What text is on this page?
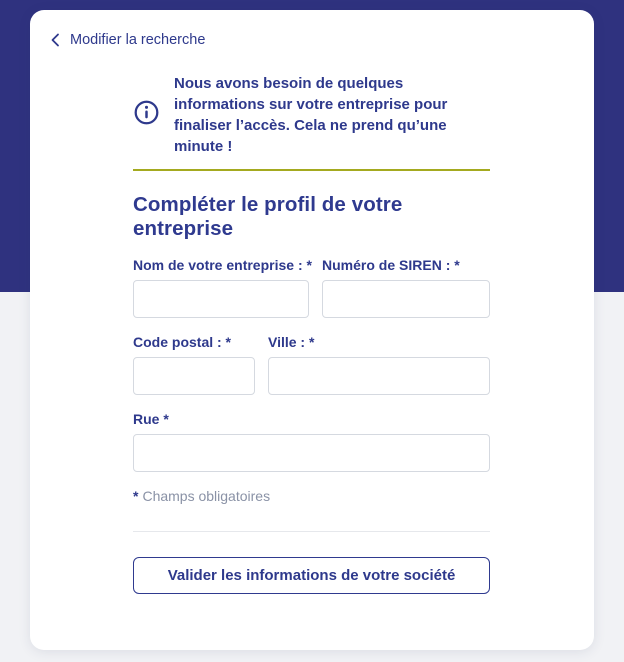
Modifier la recherche
Nous avons besoin de quelques informations sur votre entreprise pour finaliser l’accès. Cela ne prend qu’une minute !
Compléter le profil de votre entreprise
Nom de votre entreprise : * Numéro de SIREN : *
Code postal : *	Ville : *
Rue *
* Champs obligatoires
Valider les informations de votre société
